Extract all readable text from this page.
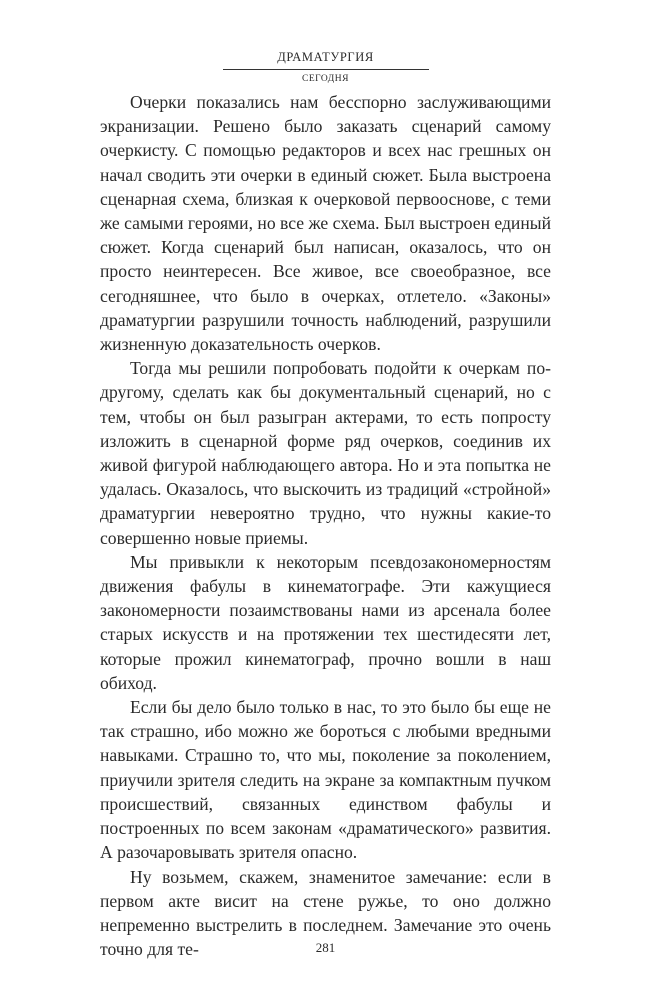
ДРАМАТУРГИЯ
СЕГОДНЯ

Очерки показались нам бесспорно заслуживающими экранизации. Решено было заказать сценарий самому очеркисту. С помощью редакторов и всех нас грешных он начал сводить эти очерки в единый сюжет. Была выстроена сценарная схема, близкая к очерковой первооснове, с теми же самыми героями, но все же схема. Был выстроен единый сюжет. Когда сценарий был написан, оказалось, что он просто неинтересен. Все живое, все своеобразное, все сегодняшнее, что было в очерках, отлетело. «Законы» драматургии разрушили точность наблюдений, разрушили жизненную доказательность очерков.

Тогда мы решили попробовать подойти к очеркам по-другому, сделать как бы документальный сценарий, но с тем, чтобы он был разыгран актерами, то есть попросту изложить в сценарной форме ряд очерков, соединив их живой фигурой наблюдающего автора. Но и эта попытка не удалась. Оказалось, что выскочить из традиций «стройной» драматургии невероятно трудно, что нужны какие-то совершенно новые приемы.

Мы привыкли к некоторым псевдозакономерностям движения фабулы в кинематографе. Эти кажущиеся закономерности позаимствованы нами из арсенала более старых искусств и на протяжении тех шестидесяти лет, которые прожил кинематограф, прочно вошли в наш обиход.

Если бы дело было только в нас, то это было бы еще не так страшно, ибо можно же бороться с любыми вредными навыками. Страшно то, что мы, поколение за поколением, приучили зрителя следить на экране за компактным пучком происшествий, связанных единством фабулы и построенных по всем законам «драматического» развития. А разочаровывать зрителя опасно.

Ну возьмем, скажем, знаменитое замечание: если в первом акте висит на стене ружье, то оно должно непременно выстрелить в последнем. Замечание это очень точно для те-	281
